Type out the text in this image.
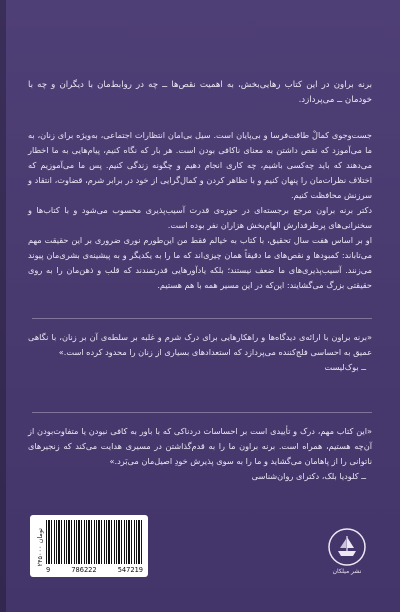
برنه براون در این کتاب رهایی‌بخش، به اهمیت نقص‌ها ــ چه در روابط‌مان با دیگران و چه با خودمان ــ می‌پردازد.

جست‌وجوی کمالْ طاقت‌فرسا و بی‌پایان است. سیل بی‌امان انتظارات اجتماعی، به‌ویژه برای زنان، به ما می‌آموزد که نقص داشتن به معنای ناکافی بودن است. هر بار که نگاه کنیم، پیام‌هایی به ما اخطار می‌دهند که باید چه‌کسی باشیم، چه کاری انجام دهیم و چگونه زندگی کنیم. پس ما می‌آموزیم که اختلاف نظرات‌مان را پنهان کنیم و با تظاهر کردن و کمال‌گرایی از خود در برابر شرم، قضاوت، انتقاد و سرزنش محافظت کنیم.

دکتر برنه براون مرجع برجسته‌ای در حوزه‌ی قدرت آسیب‌پذیری محسوب می‌شود و با کتاب‌ها و سخنرانی‌های پرطرفدارش الهام‌بخش هزاران نفر بوده است.

او بر اساس هفت سال تحقیق، با کتاب به خیالم فقط من این‌طورم نوری ضروری بر این حقیقت مهم می‌تاباند: کمبودها و نقص‌های ما دقیقاً همان چیزی‌اند که ما را به یکدیگر و به پیشینه‌ی بشری‌مان پیوند می‌زنند. آسیب‌پذیری‌های ما ضعف نیستند؛ بلکه یادآورهایی قدرتمندند که قلب و ذهن‌مان را به روی حقیقتی بزرگ می‌گشایند: این‌که در این مسیر همه با هم هستیم.

«برنه براون با ارائه‌ی دیدگاه‌ها و راهکارهایی برای درک شرم و غلبه بر سلطه‌ی آن بر زنان، با نگاهی عمیق به احساسی فلج‌کننده می‌پردازد که استعدادهای بسیاری از زنان را محدود کرده است.»

ــ بوک‌لیست

«این کتاب مهم، درک و تأییدی است بر احساسات دردناکی که با باور به کافی نبودن یا متفاوت‌بودن از آن‌چه هستیم، همراه است. برنه براون ما را به قدم‌گذاشتن در مسیری هدایت می‌کند که زنجیرهای ناتوانی را از پاهامان می‌گشاید و ما را به سوی پذیرش خودِ اصیل‌مان می‌بَرد.»

ــ کلودیا بلک، دکترای روان‌شناسی

۲۴۵۰۰۰ تومان
9	786222	547219	نشر میلکان
